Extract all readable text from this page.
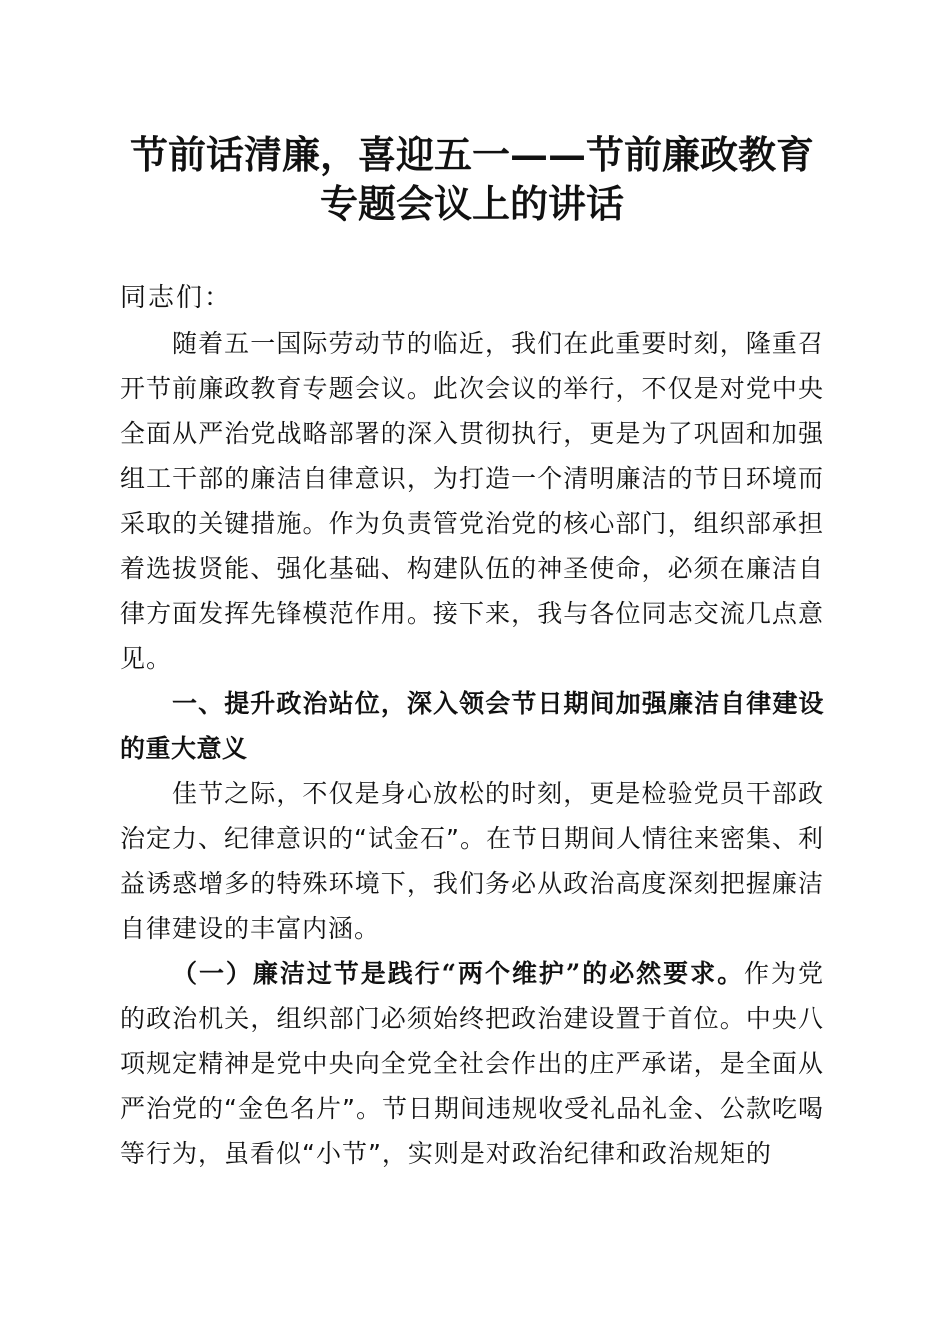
节前话清廉，喜迎五一——节前廉政教育专题会议上的讲话

同志们：

随着五一国际劳动节的临近，我们在此重要时刻，隆重召开节前廉政教育专题会议。此次会议的举行，不仅是对党中央全面从严治党战略部署的深入贯彻执行，更是为了巩固和加强组工干部的廉洁自律意识，为打造一个清明廉洁的节日环境而采取的关键措施。作为负责管党治党的核心部门，组织部承担着选拔贤能、强化基础、构建队伍的神圣使命，必须在廉洁自律方面发挥先锋模范作用。接下来，我与各位同志交流几点意见。

一、提升政治站位，深入领会节日期间加强廉洁自律建设的重大意义

佳节之际，不仅是身心放松的时刻，更是检验党员干部政治定力、纪律意识的“试金石”。在节日期间人情往来密集、利益诱惑增多的特殊环境下，我们务必从政治高度深刻把握廉洁自律建设的丰富内涵。

（一）廉洁过节是践行“两个维护”的必然要求。作为党的政治机关，组织部门必须始终把政治建设置于首位。中央八项规定精神是党中央向全党全社会作出的庄严承诺，是全面从严治党的“金色名片”。节日期间违规收受礼品礼金、公款吃喝等行为，虽看似“小节”，实则是对政治纪律和政治规矩的
